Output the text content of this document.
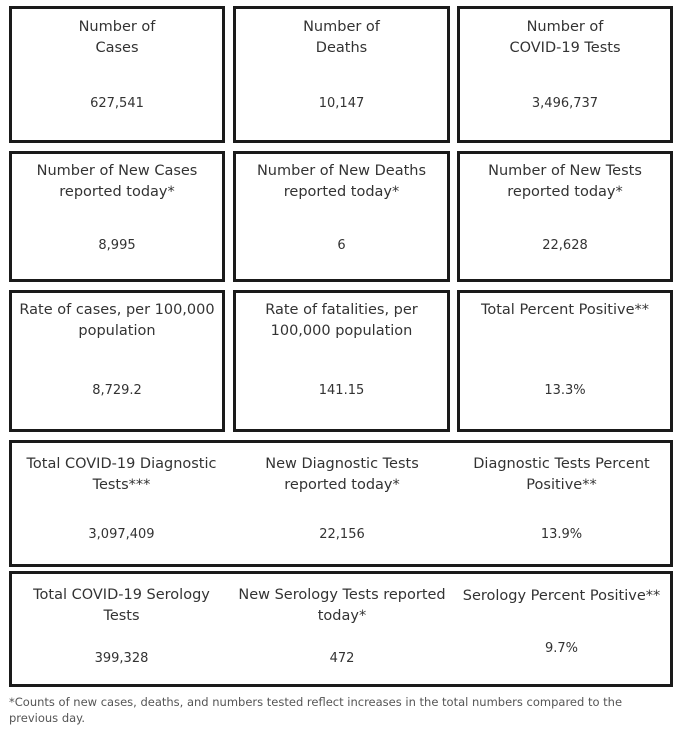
Number of
Cases
627,541
Number of
Deaths
10,147
Number of
COVID-19 Tests
3,496,737
Number of New Cases
reported today*
8,995
Number of New Deaths
reported today*
6
Number of New Tests
reported today*
22,628
Rate of cases, per 100,000
population
8,729.2
Rate of fatalities, per
100,000 population
141.15
Total Percent Positive**
13.3%
Total COVID-19 Diagnostic
Tests***
3,097,409
New Diagnostic Tests
reported today*
22,156
Diagnostic Tests Percent
Positive**
13.9%
Total COVID-19 Serology
Tests
399,328
New Serology Tests reported
today*
472
Serology Percent Positive**
9.7%
*Counts of new cases, deaths, and numbers tested reflect increases in the total numbers compared to the previous day.
